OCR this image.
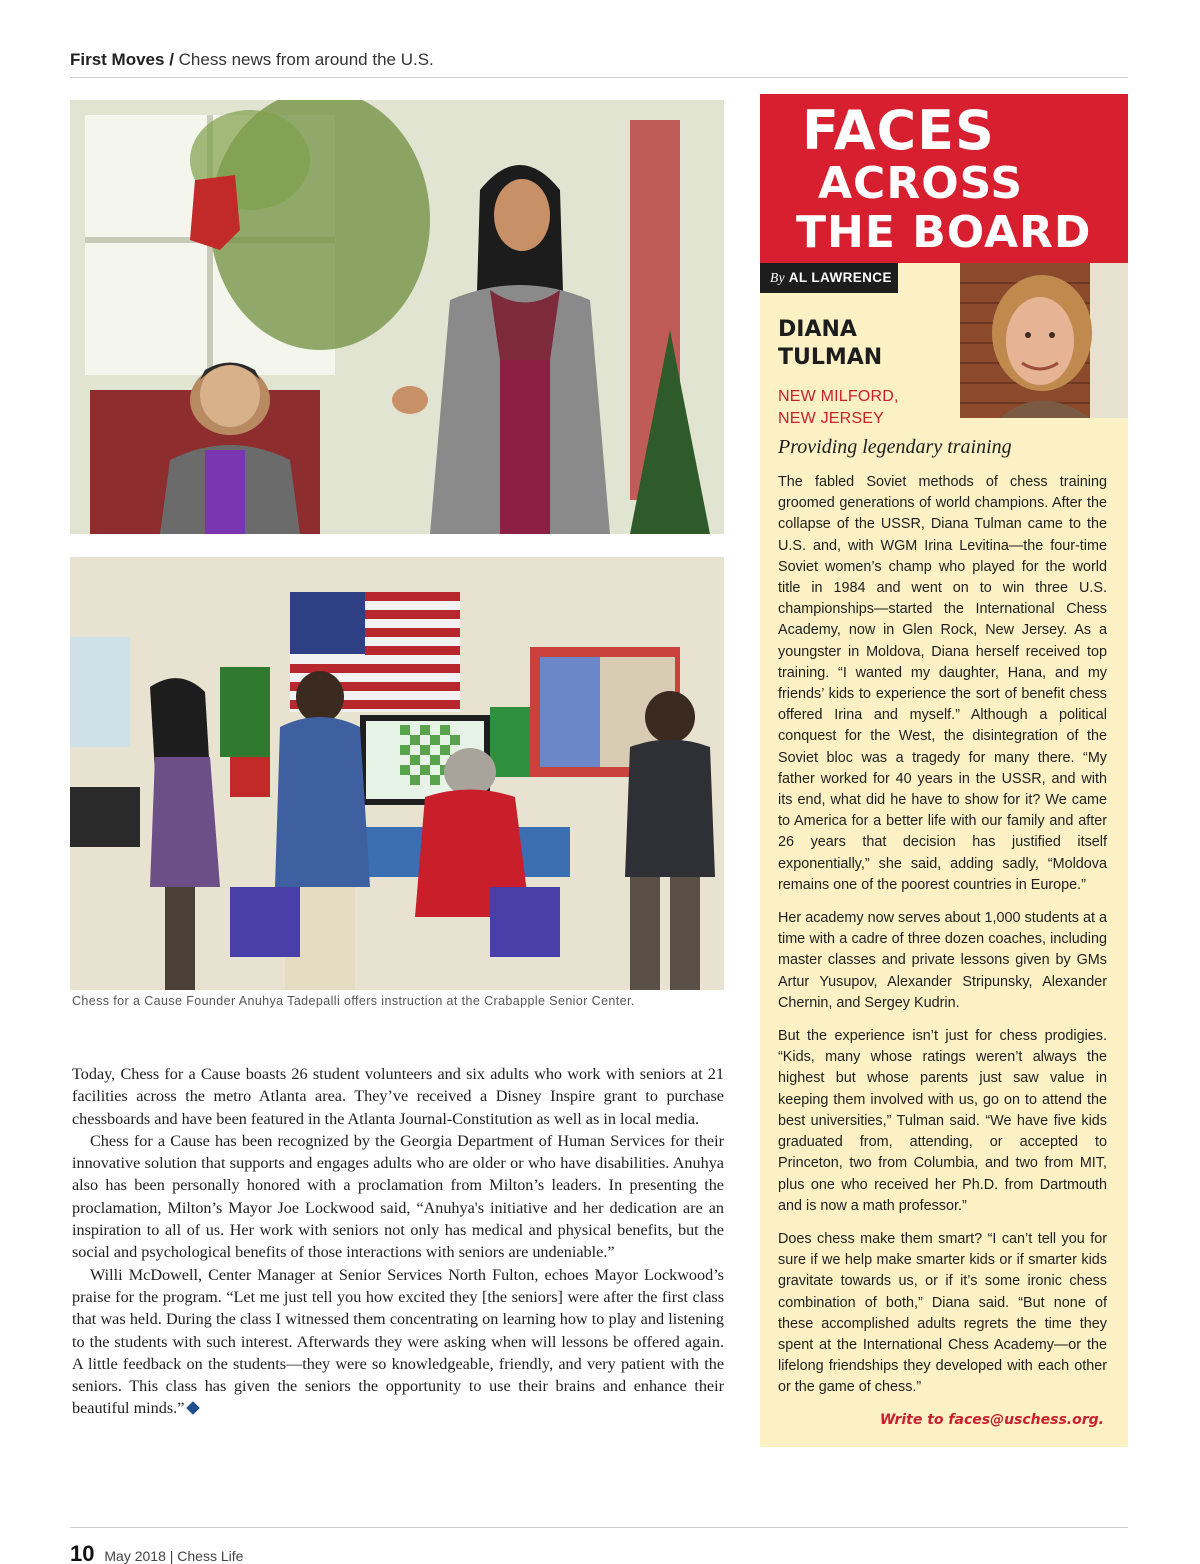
First Moves / Chess news from around the U.S.
Chess for a Cause Founder Anuhya Tadepalli offers instruction at the Crabapple Senior Center.

Today, Chess for a Cause boasts 26 student volunteers and six adults who work with seniors at 21 facilities across the metro Atlanta area. They’ve received a Disney Inspire grant to purchase chessboards and have been featured in the Atlanta Journal-Constitution as well as in local media.

Chess for a Cause has been recognized by the Georgia Department of Human Services for their innovative solution that supports and engages adults who are older or who have disabilities. Anuhya also has been personally honored with a proclamation from Milton’s leaders. In presenting the proclamation, Milton’s Mayor Joe Lockwood said, “Anuhya's initiative and her dedication are an inspiration to all of us. Her work with seniors not only has medical and physical benefits, but the social and psychological benefits of those interactions with seniors are undeniable.”

Willi McDowell, Center Manager at Senior Services North Fulton, echoes Mayor Lockwood’s praise for the program. “Let me just tell you how excited they [the seniors] were after the first class that was held. During the class I witnessed them concentrating on learning how to play and listening to the students with such interest. Afterwards they were asking when will lessons be offered again. A little feedback on the students—they were so knowledgeable, friendly, and very patient with the seniors. This class has given the seniors the opportunity to use their brains and enhance their beautiful minds.”

FACES
ACROSS
THE BOARD
By AL LAWRENCE
DIANA
TULMAN
NEW MILFORD,
NEW JERSEY
Providing legendary training

The fabled Soviet methods of chess training groomed generations of world champions. After the collapse of the USSR, Diana Tulman came to the U.S. and, with WGM Irina Levitina—the four-time Soviet women’s champ who played for the world title in 1984 and went on to win three U.S. championships—started the International Chess Academy, now in Glen Rock, New Jersey. As a youngster in Moldova, Diana herself received top training. “I wanted my daughter, Hana, and my friends’ kids to experience the sort of benefit chess offered Irina and myself.” Although a political conquest for the West, the disintegration of the Soviet bloc was a tragedy for many there. “My father worked for 40 years in the USSR, and with its end, what did he have to show for it? We came to America for a better life with our family and after 26 years that decision has justified itself exponentially,” she said, adding sadly, “Moldova remains one of the poorest countries in Europe.”

Her academy now serves about 1,000 students at a time with a cadre of three dozen coaches, including master classes and private lessons given by GMs Artur Yusupov, Alexander Stripunsky, Alexander Chernin, and Sergey Kudrin.

But the experience isn’t just for chess prodigies. “Kids, many whose ratings weren’t always the highest but whose parents just saw value in keeping them involved with us, go on to attend the best universities,” Tulman said. “We have five kids graduated from, attending, or accepted to Princeton, two from Columbia, and two from MIT, plus one who received her Ph.D. from Dartmouth and is now a math professor.”

Does chess make them smart? “I can’t tell you for sure if we help make smarter kids or if smarter kids gravitate towards us, or if it’s some ironic chess combination of both,” Diana said. “But none of these accomplished adults regrets the time they spent at the International Chess Academy—or the lifelong friendships they developed with each other or the game of chess.”

Write to faces@uschess.org.
10 May 2018 | Chess Life
